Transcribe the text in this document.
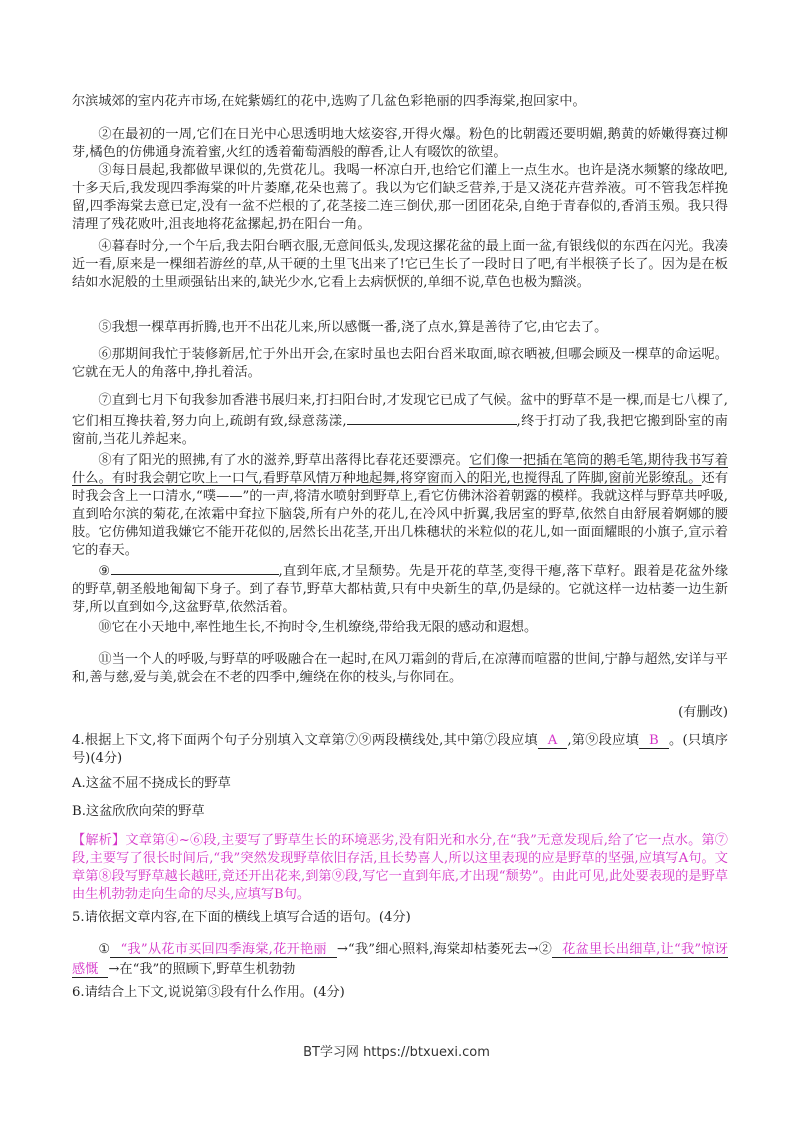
尔滨城郊的室内花卉市场,在姹紫嫣红的花中,选购了几盆色彩艳丽的四季海棠,抱回家中。
②在最初的一周,它们在日光中心思透明地大炫姿容,开得火爆。粉色的比朝霞还要明媚,鹅黄的娇嫩得赛过柳芽,橘色的仿佛通身流着蜜,火红的透着葡萄酒般的醇香,让人有啜饮的欲望。
③每日晨起,我都做早课似的,先赏花儿。我喝一杯凉白开,也给它们灌上一点生水。也许是浇水频繁的缘故吧,十多天后,我发现四季海棠的叶片萎靡,花朵也蔫了。我以为它们缺乏营养,于是又浇花卉营养液。可不管我怎样挽留,四季海棠去意已定,没有一盆不烂根的了,花茎接二连三倒伏,那一团团花朵,自绝于青春似的,香消玉殒。我只得清理了残花败叶,沮丧地将花盆摞起,扔在阳台一角。
④暮春时分,一个午后,我去阳台晒衣服,无意间低头,发现这摞花盆的最上面一盆,有银线似的东西在闪光。我凑近一看,原来是一棵细若游丝的草,从干硬的土里飞出来了!它已生长了一段时日了吧,有半根筷子长了。因为是在板结如水泥般的土里顽强钻出来的,缺光少水,它看上去病恹恹的,单细不说,草色也极为黯淡。
⑤我想一棵草再折腾,也开不出花儿来,所以感慨一番,浇了点水,算是善待了它,由它去了。
⑥那期间我忙于装修新居,忙于外出开会,在家时虽也去阳台舀米取面,晾衣晒被,但哪会顾及一棵草的命运呢。它就在无人的角落中,挣扎着活。
⑦直到七月下旬我参加香港书展归来,打扫阳台时,才发现它已成了气候。盆中的野草不是一棵,而是七八棵了,它们相互搀扶着,努力向上,疏朗有致,绿意荡漾,	,终于打动了我,我把它搬到卧室的南窗前,当花儿养起来。
⑧有了阳光的照拂,有了水的滋养,野草出落得比春花还要漂亮。它们像一把插在笔筒的鹅毛笔,期待我书写着什么。有时我会朝它吹上一口气,看野草风情万种地起舞,将穿窗而入的阳光,也搅得乱了阵脚,窗前光影缭乱。还有时我会含上一口清水,“噗——”的一声,将清水喷射到野草上,看它仿佛沐浴着朝露的模样。我就这样与野草共呼吸,直到哈尔滨的菊花,在浓霜中耷拉下脑袋,所有户外的花儿,在冷风中折翼,我居室的野草,依然自由舒展着婀娜的腰肢。它仿佛知道我嫌它不能开花似的,居然长出花茎,开出几株穗状的米粒似的花儿,如一面面耀眼的小旗子,宣示着它的春天。
⑨	,直到年底,才呈颓势。先是开花的草茎,变得干瘪,落下草籽。跟着是花盆外缘的野草,朝圣般地匍匐下身子。到了春节,野草大都枯黄,只有中央新生的草,仍是绿的。它就这样一边枯萎一边生新芽,所以直到如今,这盆野草,依然活着。
⑩它在小天地中,率性地生长,不拘时令,生机缭绕,带给我无限的感动和遐想。
⑪当一个人的呼吸,与野草的呼吸融合在一起时,在风刀霜剑的背后,在凉薄而喧嚣的世间,宁静与超然,安详与平和,善与慈,爱与美,就会在不老的四季中,缠绕在你的枝头,与你同在。
(有删改)
4.根据上下文,将下面两个句子分别填入文章第⑦⑨两段横线处,其中第⑦段应填 A ,第⑨段应填 B 。(只填序号)(4分)
A.这盆不屈不挠成长的野草
B.这盆欣欣向荣的野草
【解析】文章第④~⑥段,主要写了野草生长的环境恶劣,没有阳光和水分,在“我”无意发现后,给了它一点水。第⑦段,主要写了很长时间后,“我”突然发现野草依旧存活,且长势喜人,所以这里表现的应是野草的坚强,应填写A句。文章第⑧段写野草越长越旺,竟还开出花来,到第⑨段,写它一直到年底,才出现“颓势”。由此可见,此处要表现的是野草由生机勃勃走向生命的尽头,应填写B句。
5.请依据文章内容,在下面的横线上填写合适的语句。(4分)
① “我”从花市买回四季海棠,花开艳丽 →“我”细心照料,海棠却枯萎死去→② 花盆里长出细草,让“我”惊讶感慨 →在“我”的照顾下,野草生机勃勃
6.请结合上下文,说说第③段有什么作用。(4分)
BT学习网 https://btxuexi.com
